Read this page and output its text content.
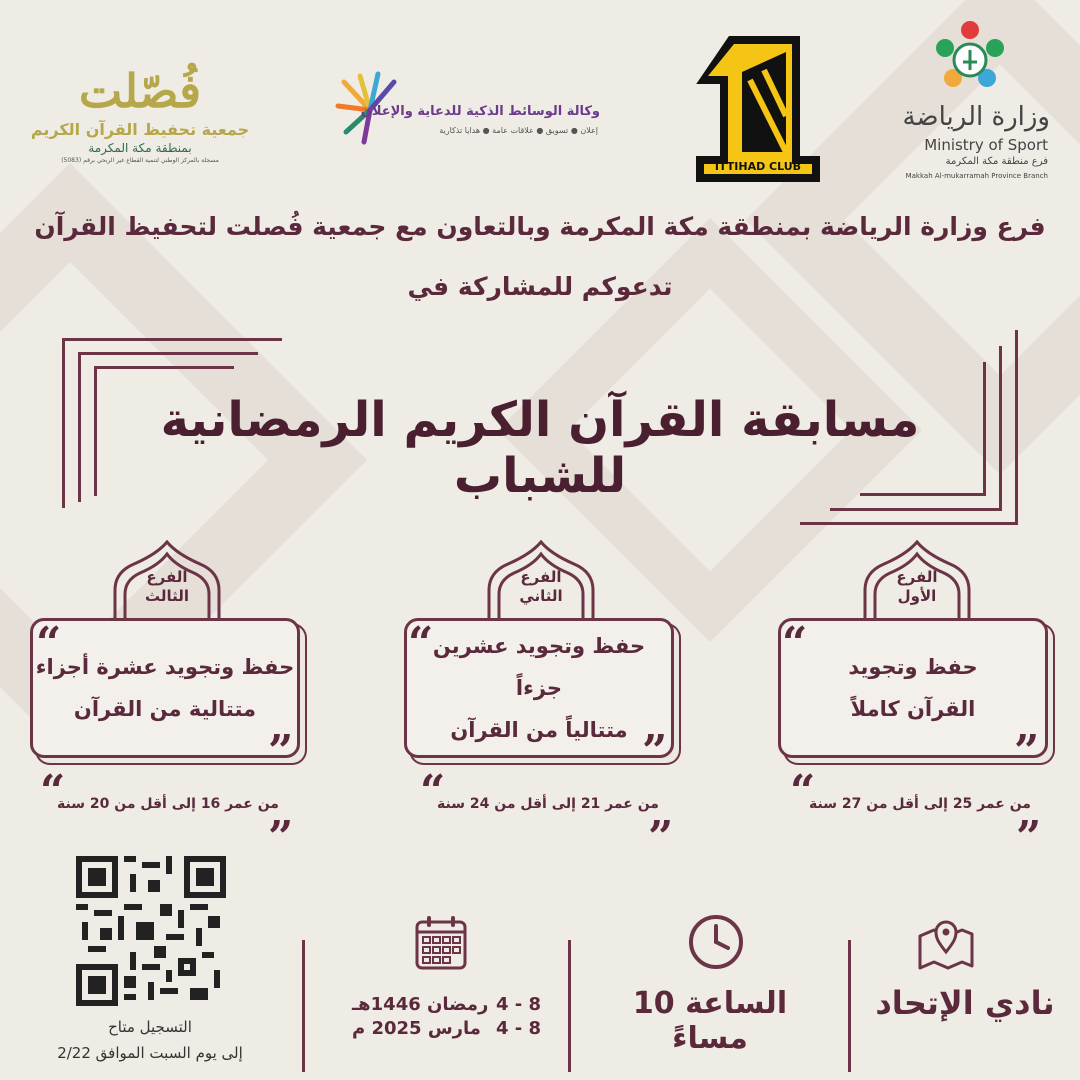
فُصّلت
جمعية تحفيظ القرآن الكريم
بمنطقة مكة المكرمة
مسجلة بالمركز الوطني لتنمية القطاع غير الربحي برقم (5083)
وكالة الوسائط الذكية للدعاية والإعلان
إعلان ● تسويق ● علاقات عامة ● هدايا تذكارية
ITTIHAD CLUB
1927 • ١٣٤٦
وزارة الرياضة
Ministry of Sport
فرع منطقة مكة المكرمة
Makkah Al-mukarramah Province Branch
فرع وزارة الرياضة بمنطقة مكة المكرمة وبالتعاون مع جمعية فُصلت لتحفيظ القرآن
تدعوكم للمشاركة في
مسابقة القرآن الكريم الرمضانية للشباب
الفرع
الأول
حفظ وتجويد
القرآن كاملاً
“
”
“
من عمر 25 إلى أقل من 27 سنة
”
الفرع
الثاني
حفظ وتجويد عشرين جزءاً
متتالياً من القرآن
“
”
“
من عمر 21 إلى أقل من 24 سنة
”
الفرع
الثالث
حفظ وتجويد عشرة أجزاء
متتالية من القرآن
“
”
“
من عمر 16 إلى أقل من 20 سنة
”
التسجيل متاح
إلى يوم السبت الموافق 2/22
رمضان 1446هـ 4 - 8
مارس 2025 م 4 - 8
الساعة 10 مساءً
نادي الإتحاد
